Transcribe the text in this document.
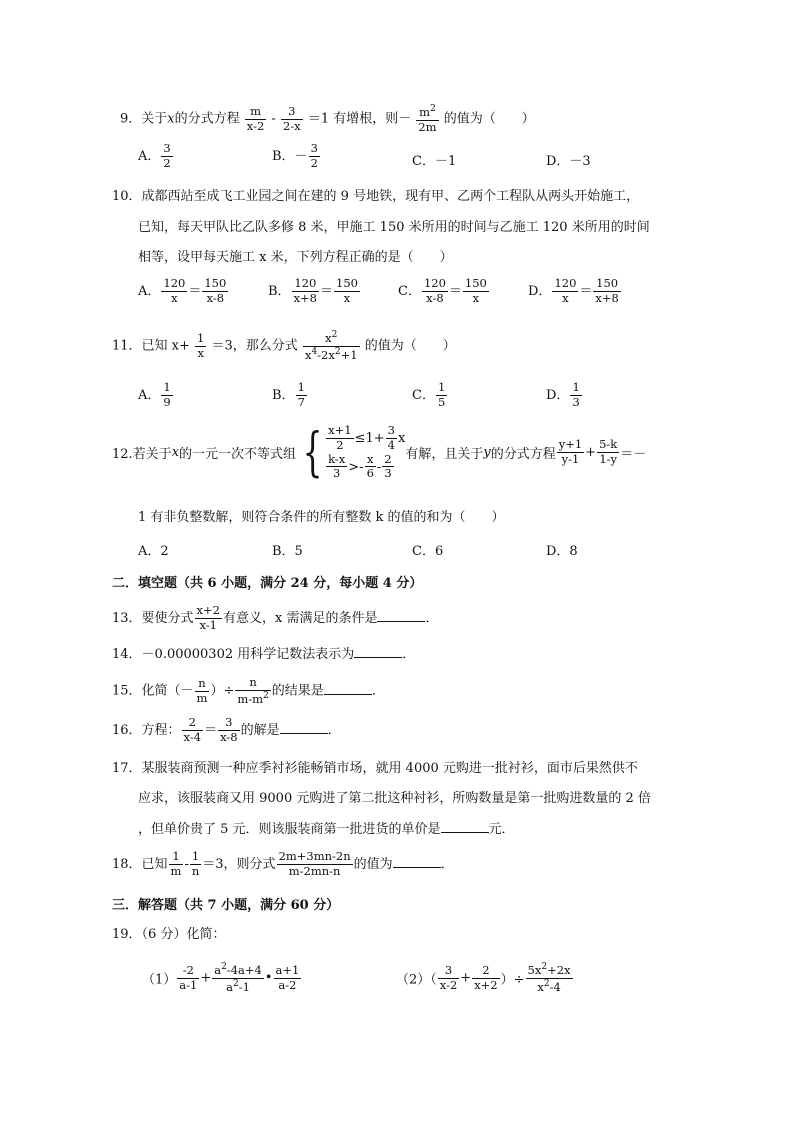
9．关于x的分式方程 $\frac{m}{x-2} - \frac{3}{2-x} =1$ 有增根，则－ $\frac{m^2}{2m}$ 的值为（　　）
A． $\frac{3}{2}$	B．－ $\frac{3}{2}$	C．－1	D．－3
10．成都西站至成飞工业园之间在建的 9 号地铁，现有甲、乙两个工程队从两头开始施工，
已知，每天甲队比乙队多修 8 米，甲施工 150 米所用的时间与乙施工 120 米所用的时间
相等，设甲每天施工 x 米，下列方程正确的是（　　）
A． $\frac{120}{x} = \frac{150}{x-8}$	B． $\frac{120}{x+8} = \frac{150}{x}$	C． $\frac{120}{x-8} = \frac{150}{x}$	D． $\frac{120}{x} = \frac{150}{x+8}$
11．已知 $x+ \frac{1}{x} =3$，那么分式 $\frac{x^2}{x^4-2x^2+1}$ 的值为（　　）
A． $\frac{1}{9}$	B． $\frac{1}{7}$	C． $\frac{1}{5}$	D． $\frac{1}{3}$
12.若关于x的一元一次不等式组 { $\frac{x+1}{2} \le 1+ \frac{3}{4}$ x
$\frac{k-x}{3} >- \frac{x}{6} - \frac{2}{3}$ 有解，且关于y的分式方程 $\frac{y+1}{y-1} + \frac{5-k}{1-y}$ ＝－
1 有非负整数解，则符合条件的所有整数 k 的值的和为（　　）
A．2	B．5	C．6	D．8
二．填空题（共 6 小题，满分 24 分，每小题 4 分）
13．要使分式 $\frac{x+2}{x-1}$ 有意义，x 需满足的条件是	．
14．－0.00000302 用科学记数法表示为	．
15．化简（－ $\frac{n}{m}$ ）÷ $\frac{n}{m-m^2}$ 的结果是	．
16．方程： $\frac{2}{x-4} = \frac{3}{x-8}$ 的解是	．
17．某服装商预测一种应季衬衫能畅销市场，就用 4000 元购进一批衬衫，面市后果然供不
应求，该服装商又用 9000 元购进了第二批这种衬衫，所购数量是第一批购进数量的 2 倍
，但单价贵了 5 元．则该服装商第一批进货的单价是	元．
18．已知 $\frac{1}{m} - \frac{1}{n} =3$，则分式 $\frac{2m+3mn-2n}{m-2mn-n}$ 的值为	．
三．解答题（共 7 小题，满分 60 分）
19．（6 分）化简：
$(1) \frac{-2}{a-1} + \frac{a^2-4a+4}{a^2-1}$ • $\frac{a+1}{a-2}$	$(2)( \frac{3}{x-2} + \frac{2}{x+2}$ ）÷ $\frac{5x^2+2x}{x^2-4}$
